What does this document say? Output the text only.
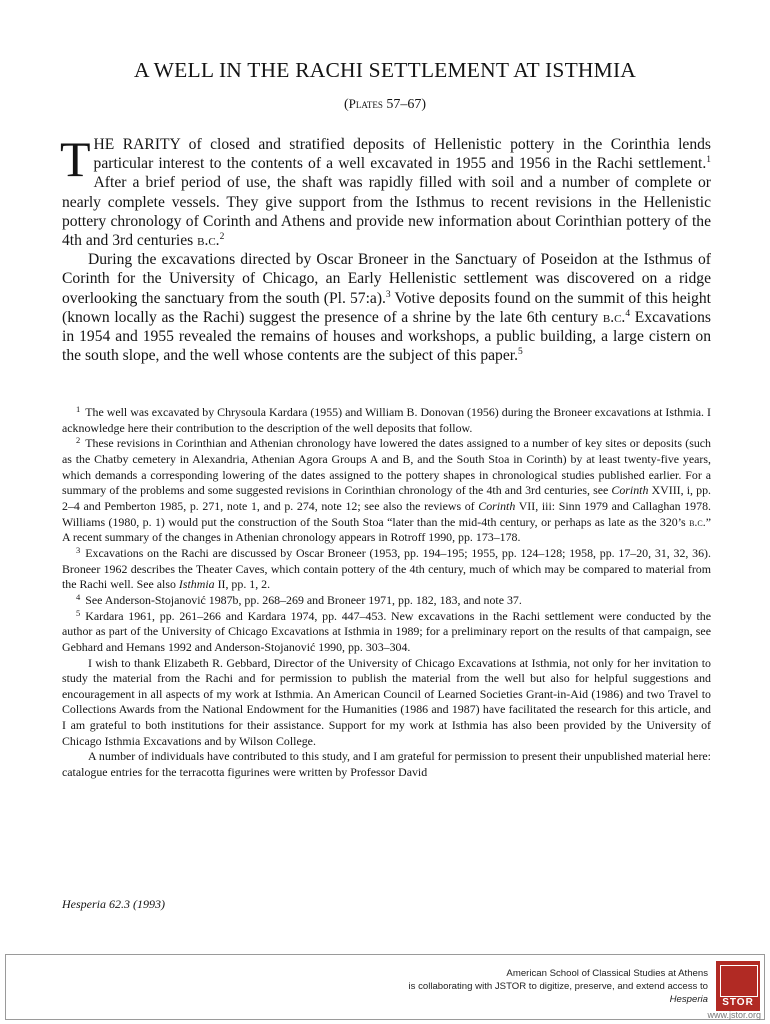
A WELL IN THE RACHI SETTLEMENT AT ISTHMIA
(Plates 57–67)

THE RARITY of closed and stratified deposits of Hellenistic pottery in the Corinthia lends particular interest to the contents of a well excavated in 1955 and 1956 in the Rachi settlement.$^1$ After a brief period of use, the shaft was rapidly filled with soil and a number of complete or nearly complete vessels. They give support from the Isthmus to recent revisions in the Hellenistic pottery chronology of Corinth and Athens and provide new information about Corinthian pottery of the 4th and 3rd centuries b.c.$^2$

During the excavations directed by Oscar Broneer in the Sanctuary of Poseidon at the Isthmus of Corinth for the University of Chicago, an Early Hellenistic settlement was discovered on a ridge overlooking the sanctuary from the south (Pl. 57:a).$^3$ Votive deposits found on the summit of this height (known locally as the Rachi) suggest the presence of a shrine by the late 6th century b.c.$^4$ Excavations in 1954 and 1955 revealed the remains of houses and workshops, a public building, a large cistern on the south slope, and the well whose contents are the subject of this paper.$^5$

$^1$ The well was excavated by Chrysoula Kardara (1955) and William B. Donovan (1956) during the Broneer excavations at Isthmia. I acknowledge here their contribution to the description of the well deposits that follow.

$^2$ These revisions in Corinthian and Athenian chronology have lowered the dates assigned to a number of key sites or deposits (such as the Chatby cemetery in Alexandria, Athenian Agora Groups A and B, and the South Stoa in Corinth) by at least twenty-five years, which demands a corresponding lowering of the dates assigned to the pottery shapes in chronological studies published earlier. For a summary of the problems and some suggested revisions in Corinthian chronology of the 4th and 3rd centuries, see Corinth XVIII, i, pp. 2–4 and Pemberton 1985, p. 271, note 1, and p. 274, note 12; see also the reviews of Corinth VII, iii: Sinn 1979 and Callaghan 1978. Williams (1980, p. 1) would put the construction of the South Stoa “later than the mid-4th century, or perhaps as late as the 320’s b.c.” A recent summary of the changes in Athenian chronology appears in Rotroff 1990, pp. 173–178.

$^3$ Excavations on the Rachi are discussed by Oscar Broneer (1953, pp. 194–195; 1955, pp. 124–128; 1958, pp. 17–20, 31, 32, 36). Broneer 1962 describes the Theater Caves, which contain pottery of the 4th century, much of which may be compared to material from the Rachi well. See also Isthmia II, pp. 1, 2.

$^4$ See Anderson-Stojanović 1987b, pp. 268–269 and Broneer 1971, pp. 182, 183, and note 37.

$^5$ Kardara 1961, pp. 261–266 and Kardara 1974, pp. 447–453. New excavations in the Rachi settlement were conducted by the author as part of the University of Chicago Excavations at Isthmia in 1989; for a preliminary report on the results of that campaign, see Gebhard and Hemans 1992 and Anderson-Stojanović 1990, pp. 303–304.

I wish to thank Elizabeth R. Gebbard, Director of the University of Chicago Excavations at Isthmia, not only for her invitation to study the material from the Rachi and for permission to publish the material from the well but also for helpful suggestions and encouragement in all aspects of my work at Isthmia. An American Council of Learned Societies Grant-in-Aid (1986) and two Travel to Collections Awards from the National Endowment for the Humanities (1986 and 1987) have facilitated the research for this article, and I am grateful to both institutions for their assistance. Support for my work at Isthmia has also been provided by the University of Chicago Isthmia Excavations and by Wilson College.

A number of individuals have contributed to this study, and I am grateful for permission to present their unpublished material here: catalogue entries for the terracotta figurines were written by Professor David

Hesperia 62.3 (1993)
American School of Classical Studies at Athens
is collaborating with JSTOR to digitize, preserve, and extend access to
Hesperia	STOR
www.jstor.org
